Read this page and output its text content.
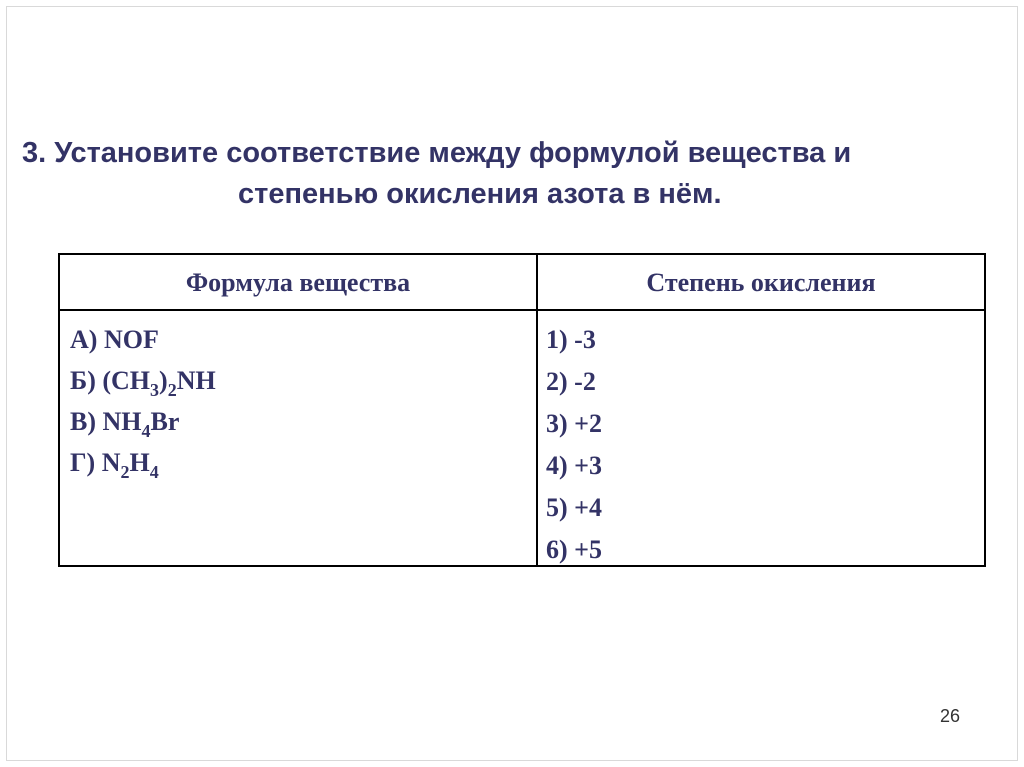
3. Установите соответствие между формулой вещества и
степенью окисления азота в нём.
Формула вещества	Степень окисления
А) NOF
Б) $(CH_3)_2NH$
В) $NH_4Br$
Г) $N_2H_4$
1) -3
2) -2
3) +2
4) +3
5) +4
6) +5
26
